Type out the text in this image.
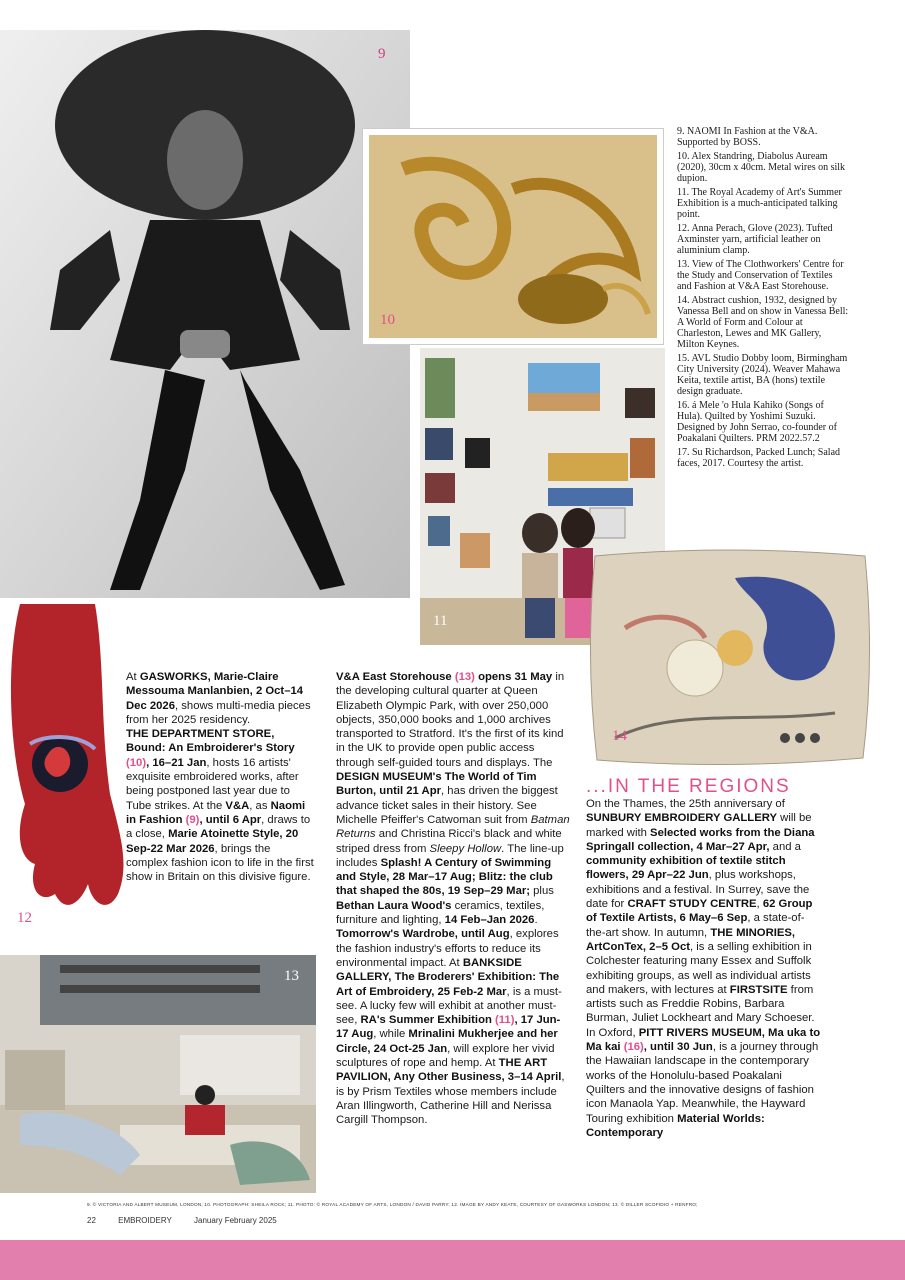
9
10
11

9. NAOMI In Fashion at the V&A. Supported by BOSS.

10. Alex Standring, Diabolus Auream (2020), 30cm x 40cm. Metal wires on silk dupion.

11. The Royal Academy of Art's Summer Exhibition is a much-anticipated talking point.

12. Anna Perach, Glove (2023). Tufted Axminster yarn, artificial leather on aluminium clamp.

13. View of The Clothworkers' Centre for the Study and Conservation of Textiles and Fashion at V&A East Storehouse.

14. Abstract cushion, 1932, designed by Vanessa Bell and on show in Vanessa Bell: A World of Form and Colour at Charleston, Lewes and MK Gallery, Milton Keynes.

15. AVL Studio Dobby loom, Birmingham City University (2024). Weaver Mahawa Keita, textile artist, BA (hons) textile design graduate.

16. á Mele 'o Hula Kahiko (Songs of Hula). Quilted by Yoshimi Suzuki. Designed by John Serrao, co-founder of Poakalani Quilters. PRM 2022.57.2

17. Su Richardson, Packed Lunch; Salad faces, 2017. Courtesy the artist.

14
12
13

At GASWORKS, Marie-Claire Messouma Manlanbien, 2 Oct–14 Dec 2026, shows multi-media pieces from her 2025 residency.
THE DEPARTMENT STORE, Bound: An Embroiderer's Story (10), 16–21 Jan, hosts 16 artists' exquisite embroidered works, after being postponed last year due to Tube strikes. At the V&A, as Naomi in Fashion (9), until 6 Apr, draws to a close, Marie Atoinette Style, 20 Sep-22 Mar 2026, brings the complex fashion icon to life in the first show in Britain on this divisive figure.

V&A East Storehouse (13) opens 31 May in the developing cultural quarter at Queen Elizabeth Olympic Park, with over 250,000 objects, 350,000 books and 1,000 archives transported to Stratford. It's the first of its kind in the UK to provide open public access through self-guided tours and displays. The DESIGN MUSEUM's The World of Tim Burton, until 21 Apr, has driven the biggest advance ticket sales in their history. See Michelle Pfeiffer's Catwoman suit from Batman Returns and Christina Ricci's black and white striped dress from Sleepy Hollow. The line-up includes Splash! A Century of Swimming and Style, 28 Mar–17 Aug; Blitz: the club that shaped the 80s, 19 Sep–29 Mar; plus Bethan Laura Wood's ceramics, textiles, furniture and lighting, 14 Feb–Jan 2026. Tomorrow's Wardrobe, until Aug, explores the fashion industry's efforts to reduce its environmental impact. At BANKSIDE GALLERY, The Broderers' Exhibition: The Art of Embroidery, 25 Feb-2 Mar, is a must-see. A lucky few will exhibit at another must-see, RA's Summer Exhibition (11), 17 Jun-17 Aug, while Mrinalini Mukherjee and her Circle, 24 Oct-25 Jan, will explore her vivid sculptures of rope and hemp. At THE ART PAVILION, Any Other Business, 3–14 April, is by Prism Textiles whose members include Aran Illingworth, Catherine Hill and Nerissa Cargill Thompson.

...IN THE REGIONS

On the Thames, the 25th anniversary of SUNBURY EMBROIDERY GALLERY will be marked with Selected works from the Diana Springall collection, 4 Mar–27 Apr, and a community exhibition of textile stitch flowers, 29 Apr–22 Jun, plus workshops, exhibitions and a festival. In Surrey, save the date for CRAFT STUDY CENTRE, 62 Group of Textile Artists, 6 May–6 Sep, a state-of-the-art show. In autumn, THE MINORIES, ArtConTex, 2–5 Oct, is a selling exhibition in Colchester featuring many Essex and Suffolk exhibiting groups, as well as individual artists and makers, with lectures at FIRSTSITE from artists such as Freddie Robins, Barbara Burman, Juliet Lockheart and Mary Schoeser. In Oxford, PITT RIVERS MUSEUM, Ma uka to Ma kai (16), until 30 Jun, is a journey through the Hawaiian landscape in the contemporary works of the Honolulu-based Poakalani Quilters and the innovative designs of fashion icon Manaola Yap. Meanwhile, the Hayward Touring exhibition Material Worlds: Contemporary

9. © VICTORIA AND ALBERT MUSEUM, LONDON; 10. PHOTOGRAPH: SHEILA ROCK; 11. PHOTO: © ROYAL ACADEMY OF ARTS, LONDON / DAVID PARRY; 12. IMAGE BY ANDY KEATE, COURTESY OF GASWORKS LONDON; 13. © DILLER SCOFIDIO + RENFRO;
22	EMBROIDERY	January February 2025
